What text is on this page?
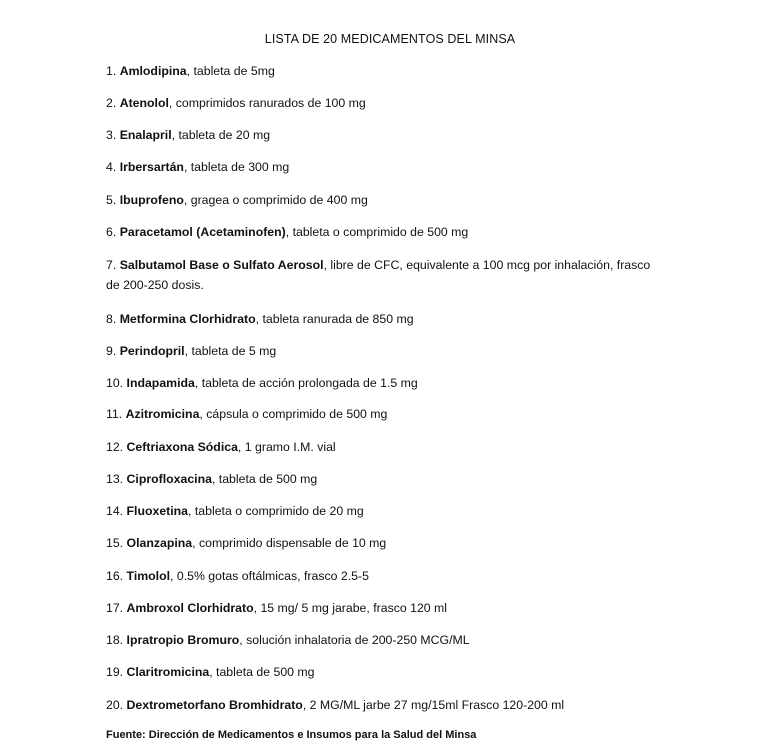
LISTA DE 20 MEDICAMENTOS DEL MINSA
1. Amlodipina, tableta de 5mg
2. Atenolol, comprimidos ranurados de 100 mg
3. Enalapril, tableta de 20 mg
4. Irbersartán, tableta de 300 mg
5. Ibuprofeno, gragea o comprimido de 400 mg
6. Paracetamol (Acetaminofen), tableta o comprimido de 500 mg
7. Salbutamol Base o Sulfato Aerosol, libre de CFC, equivalente a 100 mcg por inhalación, frasco de 200-250 dosis.
8. Metformina Clorhidrato, tableta ranurada de 850 mg
9. Perindopril, tableta de 5 mg
10. Indapamida, tableta de acción prolongada de 1.5 mg
11. Azitromicina, cápsula o comprimido de 500 mg
12. Ceftriaxona Sódica, 1 gramo I.M. vial
13. Ciprofloxacina, tableta de 500 mg
14. Fluoxetina, tableta o comprimido de 20 mg
15. Olanzapina, comprimido dispensable de 10 mg
16. Timolol, 0.5% gotas oftálmicas, frasco 2.5-5
17. Ambroxol Clorhidrato, 15 mg/ 5 mg jarabe, frasco 120 ml
18. Ipratropio Bromuro, solución inhalatoria de 200-250 MCG/ML
19. Claritromicina, tableta de 500 mg
20. Dextrometorfano Bromhidrato, 2 MG/ML jarbe 27 mg/15ml Frasco 120-200 ml
Fuente: Dirección de Medicamentos e Insumos para la Salud del Minsa
